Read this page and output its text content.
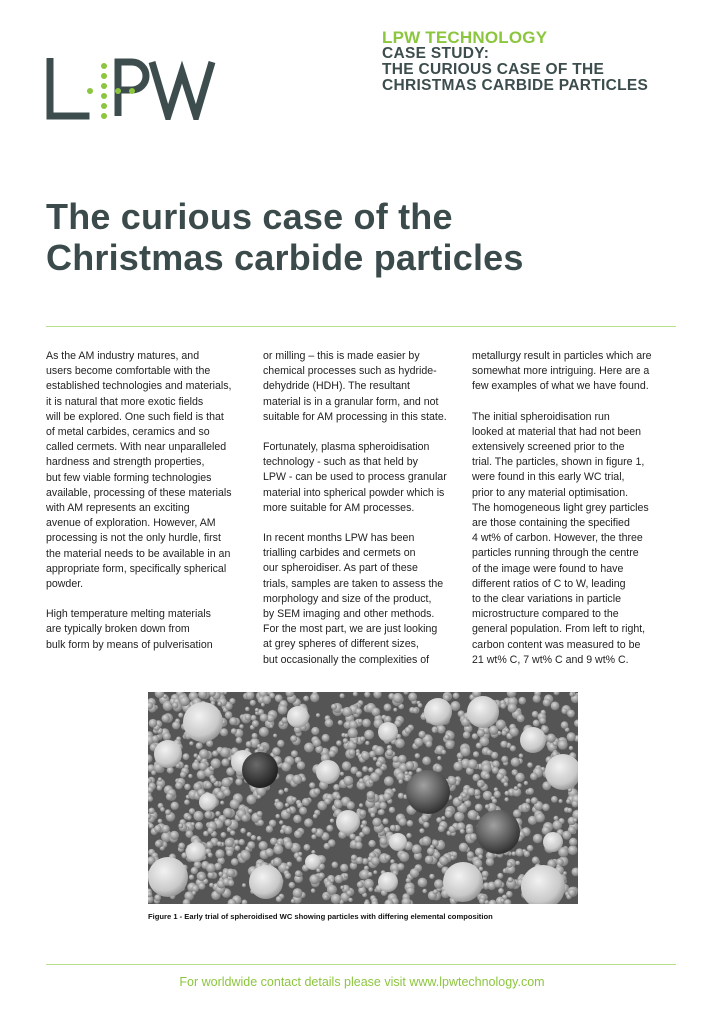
LPW TECHNOLOGY
CASE STUDY:
THE CURIOUS CASE OF THE
CHRISTMAS CARBIDE PARTICLES
The curious case of the
Christmas carbide particles

As the AM industry matures, and
users become comfortable with the
established technologies and materials,
it is natural that more exotic fields
will be explored. One such field is that
of metal carbides, ceramics and so
called cermets. With near unparalleled
hardness and strength properties,
but few viable forming technologies
available, processing of these materials
with AM represents an exciting
avenue of exploration. However, AM
processing is not the only hurdle, first
the material needs to be available in an
appropriate form, specifically spherical
powder.

High temperature melting materials
are typically broken down from
bulk form by means of pulverisation

or milling – this is made easier by
chemical processes such as hydride-
dehydride (HDH). The resultant
material is in a granular form, and not
suitable for AM processing in this state.

Fortunately, plasma spheroidisation
technology - such as that held by
LPW - can be used to process granular
material into spherical powder which is
more suitable for AM processes.

In recent months LPW has been
trialling carbides and cermets on
our spheroidiser. As part of these
trials, samples are taken to assess the
morphology and size of the product,
by SEM imaging and other methods.
For the most part, we are just looking
at grey spheres of different sizes,
but occasionally the complexities of

metallurgy result in particles which are
somewhat more intriguing. Here are a
few examples of what we have found.

The initial spheroidisation run
looked at material that had not been
extensively screened prior to the
trial. The particles, shown in figure 1,
were found in this early WC trial,
prior to any material optimisation.
The homogeneous light grey particles
are those containing the specified
4 wt% of carbon. However, the three
particles running through the centre
of the image were found to have
different ratios of C to W, leading
to the clear variations in particle
microstructure compared to the
general population. From left to right,
carbon content was measured to be
21 wt% C, 7 wt% C and 9 wt% C.

Figure 1 - Early trial of spheroidised WC showing particles with differing elemental composition
For worldwide contact details please visit www.lpwtechnology.com
